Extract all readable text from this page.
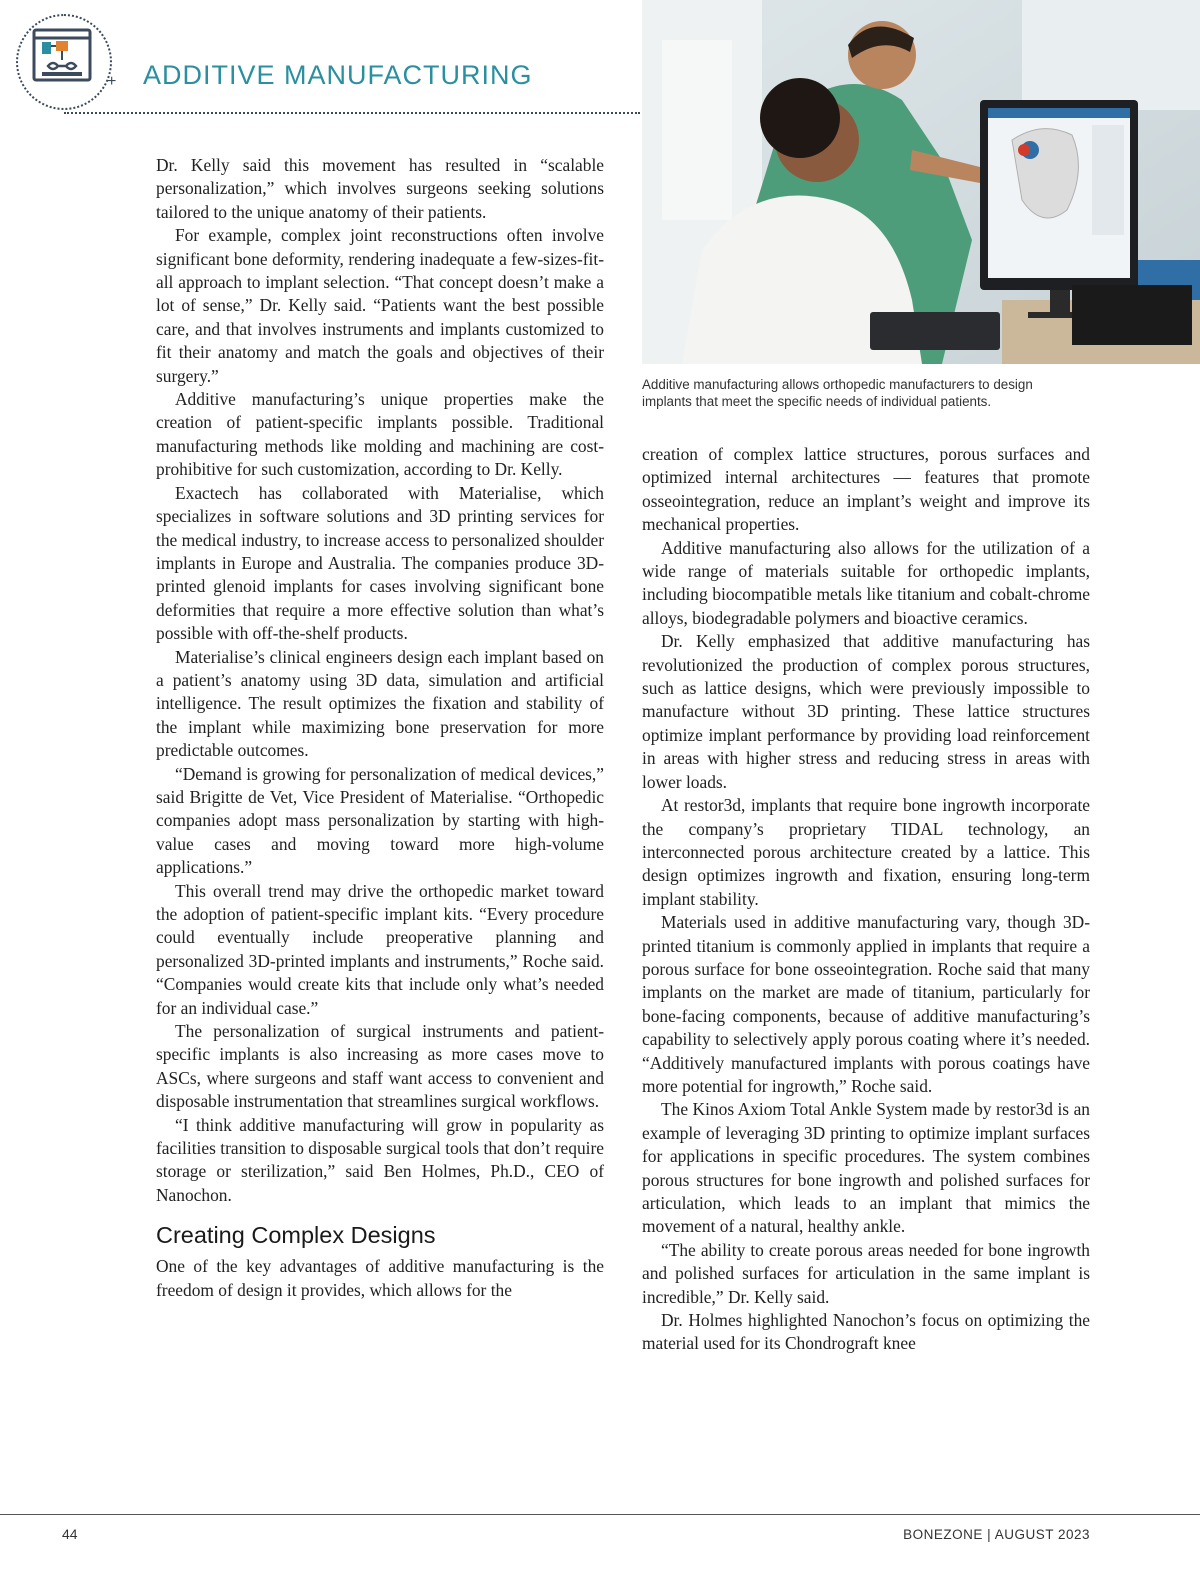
+ ADDITIVE MANUFACTURING
Additive manufacturing allows orthopedic manufacturers to design implants that meet the specific needs of individual patients.

Dr. Kelly said this movement has resulted in “scalable personalization,” which involves surgeons seeking solutions tailored to the unique anatomy of their patients.

For example, complex joint reconstructions often involve significant bone deformity, rendering inadequate a few-sizes-fit-all approach to implant selection. “That concept doesn’t make a lot of sense,” Dr. Kelly said. “Patients want the best possible care, and that involves instruments and implants customized to fit their anatomy and match the goals and objectives of their surgery.”

Additive manufacturing’s unique properties make the creation of patient-specific implants possible. Traditional manufacturing methods like molding and machining are cost-prohibitive for such customization, according to Dr. Kelly.

Exactech has collaborated with Materialise, which specializes in software solutions and 3D printing services for the medical industry, to increase access to personalized shoulder implants in Europe and Australia. The companies produce 3D-printed glenoid implants for cases involving significant bone deformities that require a more effective solution than what’s possible with off-the-shelf products.

Materialise’s clinical engineers design each implant based on a patient’s anatomy using 3D data, simulation and artificial intelligence. The result optimizes the fixation and stability of the implant while maximizing bone preservation for more predictable outcomes.

“Demand is growing for personalization of medical devices,” said Brigitte de Vet, Vice President of Materialise. “Orthopedic companies adopt mass personalization by starting with high-value cases and moving toward more high-volume applications.”

This overall trend may drive the orthopedic market toward the adoption of patient-specific implant kits. “Every procedure could eventually include preoperative planning and personalized 3D-printed implants and instruments,” Roche said. “Companies would create kits that include only what’s needed for an individual case.”

The personalization of surgical instruments and patient-specific implants is also increasing as more cases move to ASCs, where surgeons and staff want access to convenient and disposable instrumentation that streamlines surgical workflows.

“I think additive manufacturing will grow in popularity as facilities transition to disposable surgical tools that don’t require storage or sterilization,” said Ben Holmes, Ph.D., CEO of Nanochon.

Creating Complex Designs

One of the key advantages of additive manufacturing is the freedom of design it provides, which allows for the

creation of complex lattice structures, porous surfaces and optimized internal architectures — features that promote osseointegration, reduce an implant’s weight and improve its mechanical properties.

Additive manufacturing also allows for the utilization of a wide range of materials suitable for orthopedic implants, including biocompatible metals like titanium and cobalt-chrome alloys, biodegradable polymers and bioactive ceramics.

Dr. Kelly emphasized that additive manufacturing has revolutionized the production of complex porous structures, such as lattice designs, which were previously impossible to manufacture without 3D printing. These lattice structures optimize implant performance by providing load reinforcement in areas with higher stress and reducing stress in areas with lower loads.

At restor3d, implants that require bone ingrowth incorporate the company’s proprietary TIDAL technology, an interconnected porous architecture created by a lattice. This design optimizes ingrowth and fixation, ensuring long-term implant stability.

Materials used in additive manufacturing vary, though 3D-printed titanium is commonly applied in implants that require a porous surface for bone osseointegration. Roche said that many implants on the market are made of titanium, particularly for bone-facing components, because of additive manufacturing’s capability to selectively apply porous coating where it’s needed. “Additively manufactured implants with porous coatings have more potential for ingrowth,” Roche said.

The Kinos Axiom Total Ankle System made by restor3d is an example of leveraging 3D printing to optimize implant surfaces for applications in specific procedures. The system combines porous structures for bone ingrowth and polished surfaces for articulation, which leads to an implant that mimics the movement of a natural, healthy ankle.

“The ability to create porous areas needed for bone ingrowth and polished surfaces for articulation in the same implant is incredible,” Dr. Kelly said.

Dr. Holmes highlighted Nanochon’s focus on optimizing the material used for its Chondrograft knee

44	BONEZONE | AUGUST 2023
